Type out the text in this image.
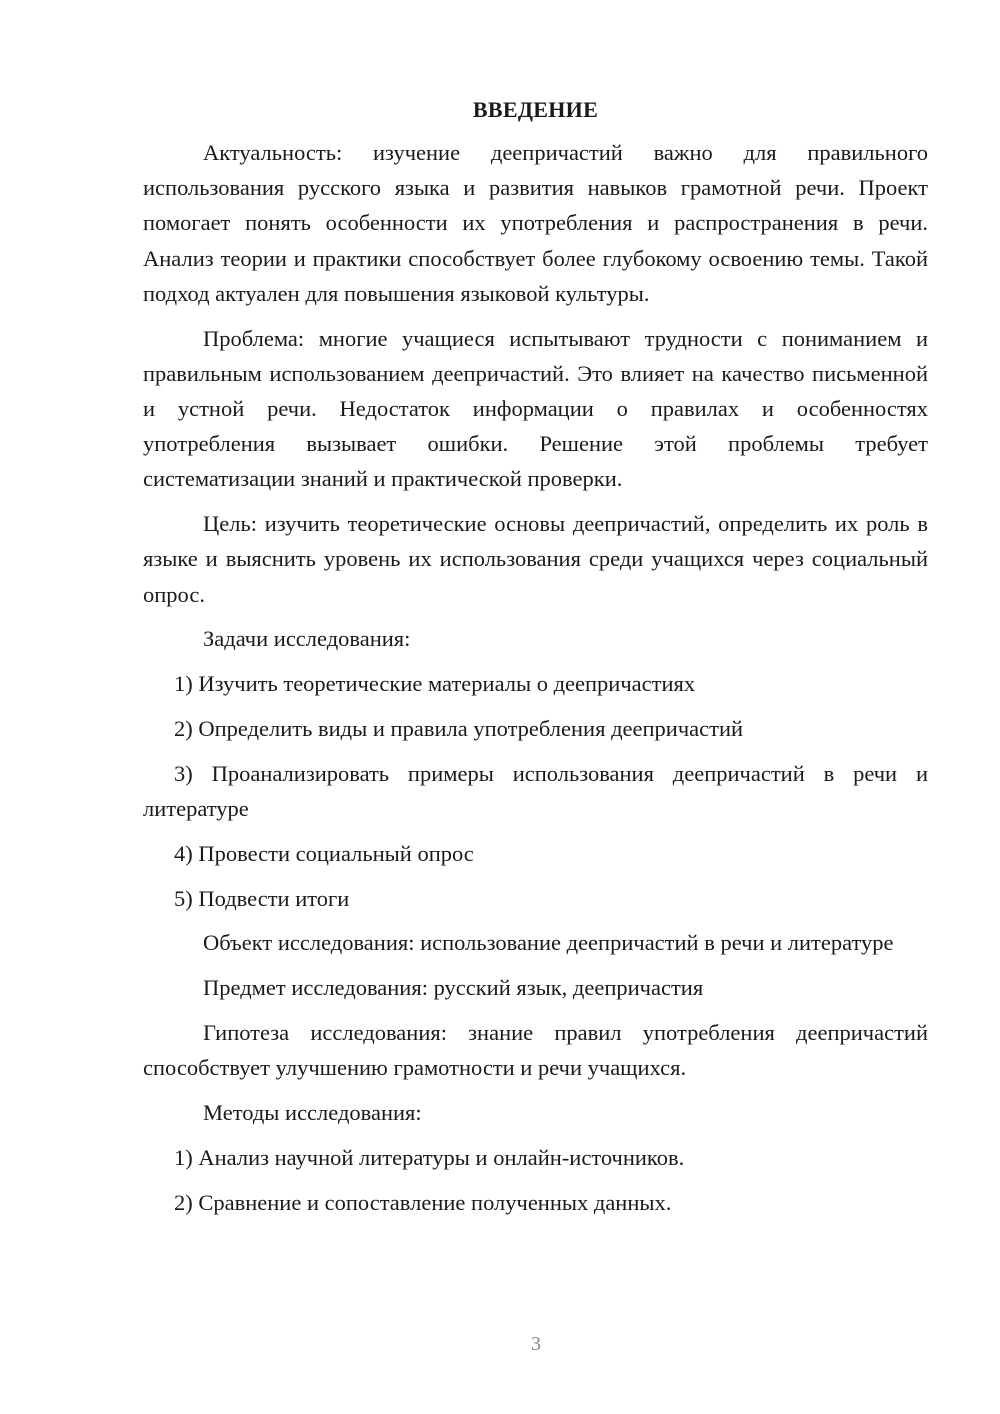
ВВЕДЕНИЕ

Актуальность: изучение деепричастий важно для правильного использования русского языка и развития навыков грамотной речи. Проект помогает понять особенности их употребления и распространения в речи. Анализ теории и практики способствует более глубокому освоению темы. Такой подход актуален для повышения языковой культуры.

Проблема: многие учащиеся испытывают трудности с пониманием и правильным использованием деепричастий. Это влияет на качество письменной и устной речи. Недостаток информации о правилах и особенностях употребления вызывает ошибки. Решение этой проблемы требует систематизации знаний и практической проверки.

Цель: изучить теоретические основы деепричастий, определить их роль в языке и выяснить уровень их использования среди учащихся через социальный опрос.

Задачи исследования:

1) Изучить теоретические материалы о деепричастиях

2) Определить виды и правила употребления деепричастий

3) Проанализировать примеры использования деепричастий в речи и литературе

4) Провести социальный опрос

5) Подвести итоги

Объект исследования: использование деепричастий в речи и литературе

Предмет исследования: русский язык, деепричастия

Гипотеза исследования: знание правил употребления деепричастий способствует улучшению грамотности и речи учащихся.

Методы исследования:

1) Анализ научной литературы и онлайн-источников.

2) Сравнение и сопоставление полученных данных.

3
